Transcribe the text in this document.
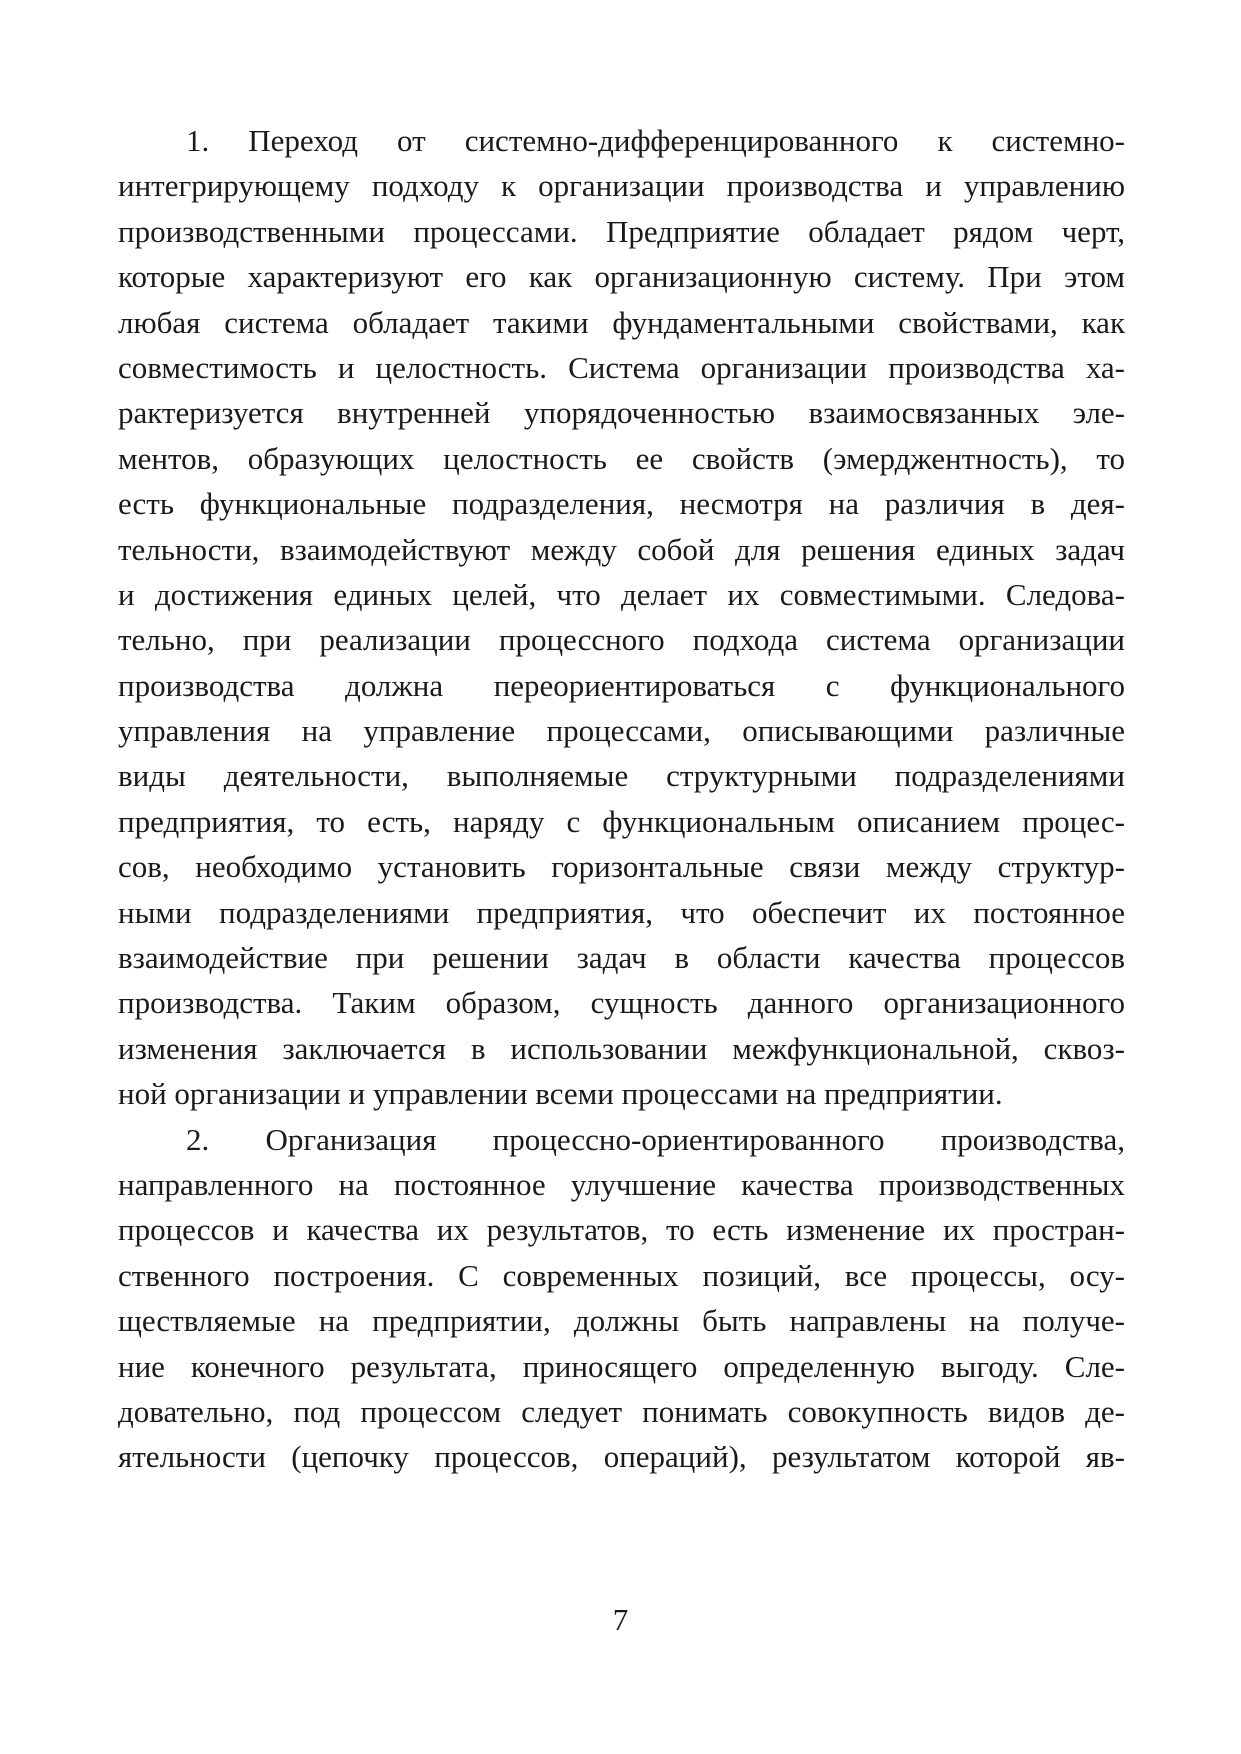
1. Переход от системно-дифференцированного к системно-
интегрирующему подходу к организации производства и управлению
производственными процессами. Предприятие обладает рядом черт,
которые характеризуют его как организационную систему. При этом
любая система обладает такими фундаментальными свойствами, как
совместимость и целостность. Система организации производства ха-
рактеризуется внутренней упорядоченностью взаимосвязанных эле-
ментов, образующих целостность ее свойств (эмерджентность), то
есть функциональные подразделения, несмотря на различия в дея-
тельности, взаимодействуют между собой для решения единых задач
и достижения единых целей, что делает их совместимыми. Следова-
тельно, при реализации процессного подхода система организации
производства должна переориентироваться с функционального
управления на управление процессами, описывающими различные
виды деятельности, выполняемые структурными подразделениями
предприятия, то есть, наряду с функциональным описанием процес-
сов, необходимо установить горизонтальные связи между структур-
ными подразделениями предприятия, что обеспечит их постоянное
взаимодействие при решении задач в области качества процессов
производства. Таким образом, сущность данного организационного
изменения заключается в использовании межфункциональной, сквоз-
ной организации и управлении всеми процессами на предприятии.
2. Организация процессно-ориентированного производства,
направленного на постоянное улучшение качества производственных
процессов и качества их результатов, то есть изменение их простран-
ственного построения. С современных позиций, все процессы, осу-
ществляемые на предприятии, должны быть направлены на получе-
ние конечного результата, приносящего определенную выгоду. Сле-
довательно, под процессом следует понимать совокупность видов де-
ятельности (цепочку процессов, операций), результатом которой яв-
7
